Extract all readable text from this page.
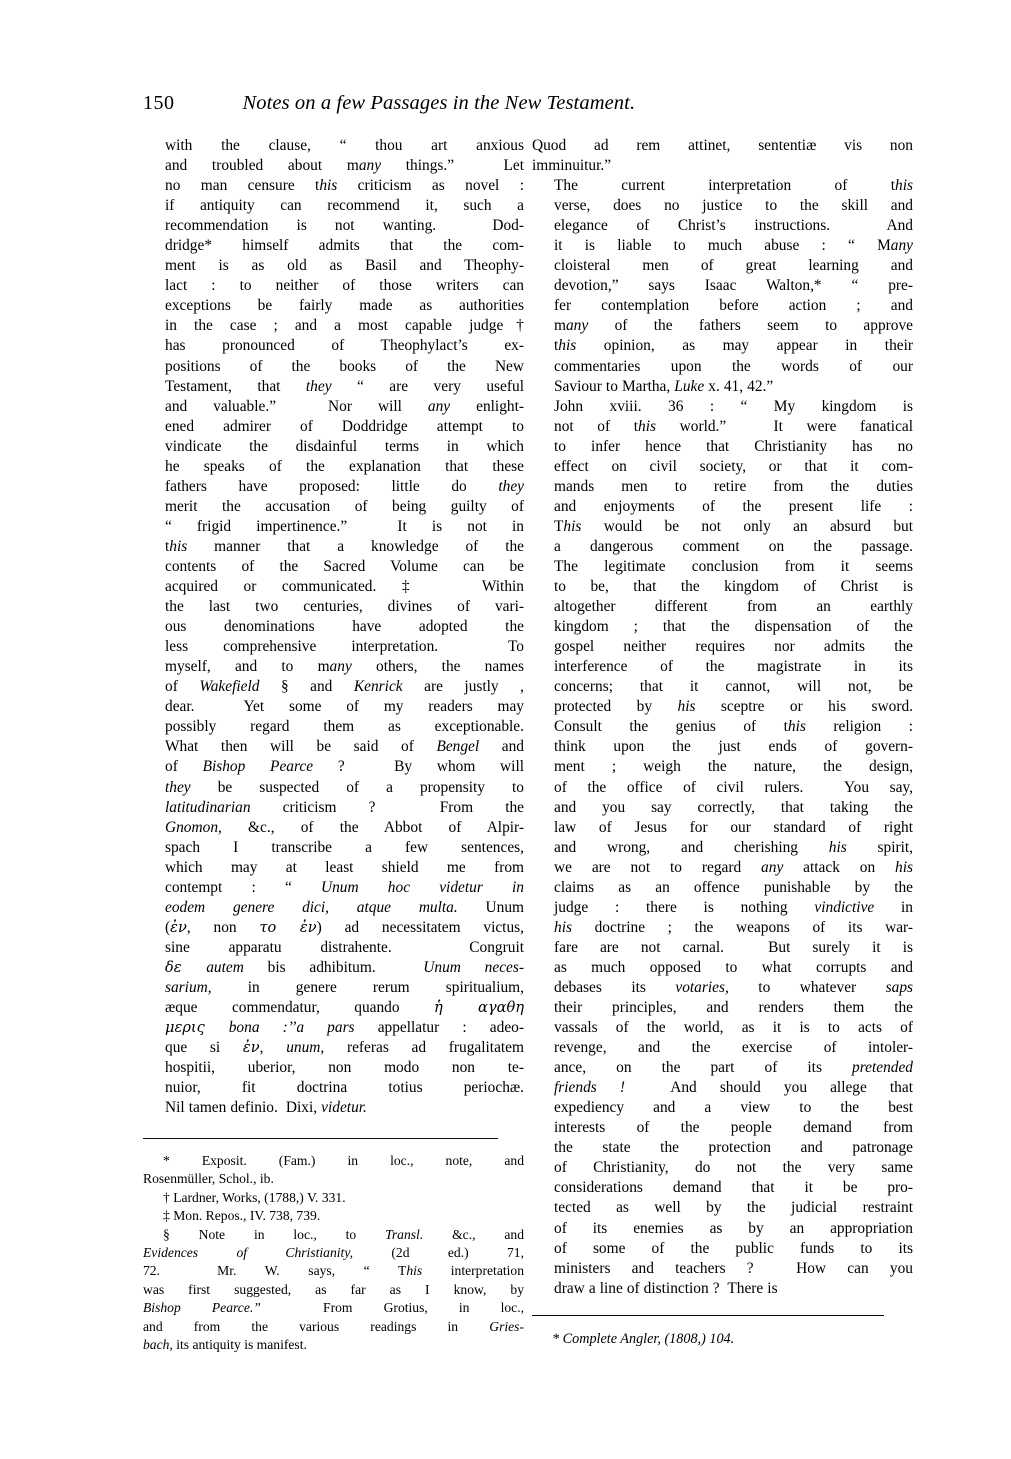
150	Notes on a few Passages in the New Testament.

with the clause, “ thou art anxious
and troubled about many things.”  Let
no man censure this criticism as novel :
if antiquity can recommend it, such a
recommendation is not wanting.  Dod-
dridge* himself admits that the com-
ment is as old as Basil and Theophy-
lact : to neither of those writers can
exceptions be fairly made as authorities
in the case ; and a most capable judge†
has pronounced of Theophylact’s ex-
positions of the books of the New
Testament, that they “ are very useful
and valuable.”  Nor will any enlight-
ened admirer of Doddridge attempt to
vindicate the disdainful terms in which
he speaks of the explanation that these
fathers have proposed: little do they
merit the accusation of being guilty of
“ frigid impertinence.”  It is not in
this manner that a knowledge of the
contents of the Sacred Volume can be
acquired or communicated. ‡  Within
the last two centuries, divines of vari-
ous denominations have adopted the
less comprehensive interpretation.  To
myself, and to many others, the names
of Wakefield § and Kenrick are justly ,
dear.  Yet some of my readers may
possibly regard them as exceptionable.
What then will be said of Bengel and
of Bishop Pearce ?  By whom will
they be suspected of a propensity to
latitudinarian criticism ?  From the
Gnomon, &c., of the Abbot of Alpir-
spach I transcribe a few sentences,
which may at least shield me from
contempt : “ Unum hoc videtur in
eodem genere dici, atque multa. Unum
(ἐν, non το ἐν) ad necessitatem victus,
sine apparatu distrahente.  Congruit
δε autem bis adhibitum.  Unum neces-
sarium, in genere rerum spiritualium,
æque commendatur, quando ἡ αγαθη
μερις bona :’’a pars appellatur : adeo-
que si ἐν, unum, referas ad frugalitatem
hospitii, uberior, non modo non te-
nuior, fit doctrina totius periochæ.
Nil tamen definio.  Dixi, videtur.

* Exposit. (Fam.) in loc., note, and
Rosenmüller, Schol., ib.
† Lardner, Works, (1788,) V. 331.
‡ Mon. Repos., IV. 738, 739.
§ Note in loc., to Transl. &c., and
Evidences of Christianity, (2d ed.) 71,
72.  Mr. W. says, “ This interpretation
was first suggested, as far as I know, by
Bishop Pearce.”  From Grotius, in loc.,
and from the various readings in Gries-
bach, its antiquity is manifest.

Quod ad rem attinet, sententiæ vis non
imminuitur.”

The current interpretation of this
verse, does no justice to the skill and
elegance of Christ’s instructions.  And
it is liable to much abuse : “ Many
cloisteral men of great learning and
devotion,” says Isaac Walton,* “ pre-
fer contemplation before action ; and
many of the fathers seem to approve
this opinion, as may appear in their
commentaries upon the words of our
Saviour to Martha, Luke x. 41, 42.”

John xviii. 36 : “ My kingdom is
not of this world.”  It were fanatical
to infer hence that Christianity has no
effect on civil society, or that it com-
mands men to retire from the duties
and enjoyments of the present life :
This would be not only an absurd but
a dangerous comment on the passage.
The legitimate conclusion from it seems
to be, that the kingdom of Christ is
altogether different from an earthly
kingdom ; that the dispensation of the
gospel neither requires nor admits the
interference of the magistrate in its
concerns; that it cannot, will not, be
protected by his sceptre or his sword.
Consult the genius of this religion :
think upon the just ends of govern-
ment ; weigh the nature, the design,
of the office of civil rulers.  You say,
and you say correctly, that taking the
law of Jesus for our standard of right
and wrong, and cherishing his spirit,
we are not to regard any attack on his
claims as an offence punishable by the
judge : there is nothing vindictive in
his doctrine ; the weapons of its war-
fare are not carnal.  But surely it is
as much opposed to what corrupts and
debases its votaries, to whatever saps
their principles, and renders them the
vassals of the world, as it is to acts of
revenge, and the exercise of intoler-
ance, on the part of its pretended
friends !  And should you allege that
expediency and a view to the best
interests of the people demand from
the state the protection and patronage
of Christianity, do not the very same
considerations demand that it be pro-
tected as well by the judicial restraint
of its enemies as by an appropriation
of some of the public funds to its
ministers and teachers ?  How can you
draw a line of distinction ?  There is

* Complete Angler, (1808,) 104.
